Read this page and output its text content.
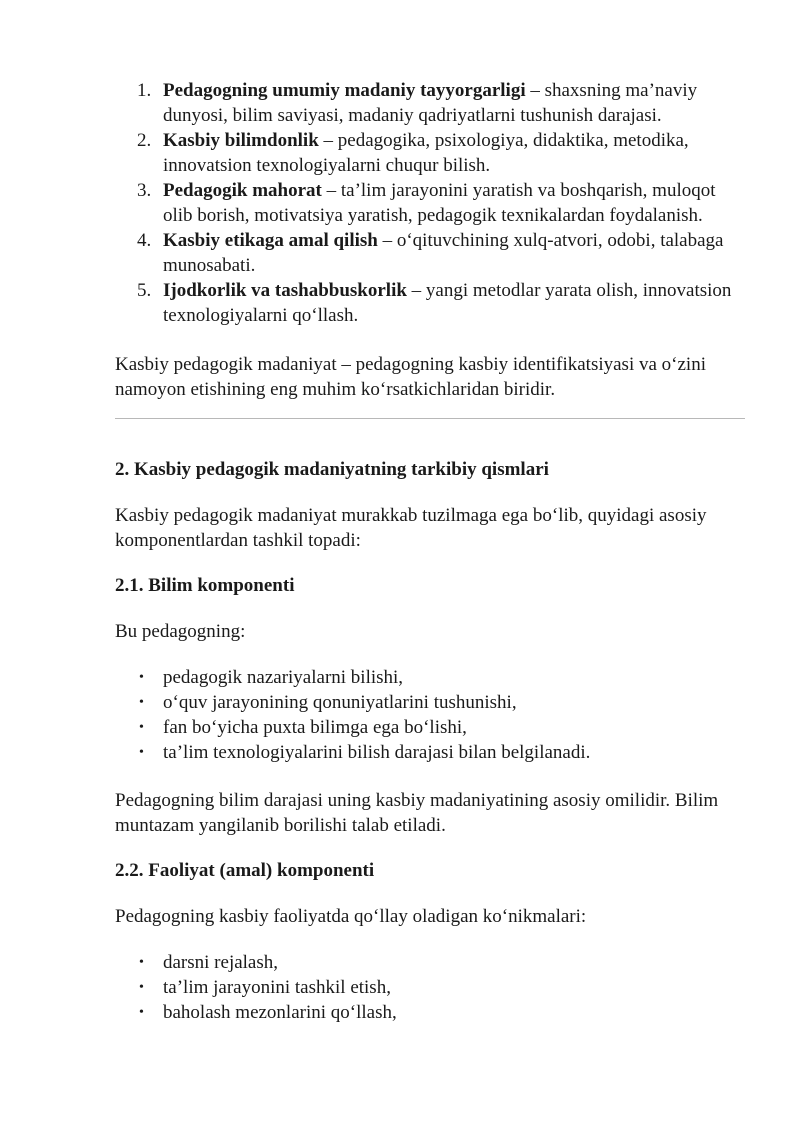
1. Pedagogning umumiy madaniy tayyorgarligi – shaxsning ma’naviy dunyosi, bilim saviyasi, madaniy qadriyatlarni tushunish darajasi.
2. Kasbiy bilimdonlik – pedagogika, psixologiya, didaktika, metodika, innovatsion texnologiyalarni chuqur bilish.
3. Pedagogik mahorat – ta’lim jarayonini yaratish va boshqarish, muloqot olib borish, motivatsiya yaratish, pedagogik texnikalardan foydalanish.
4. Kasbiy etikaga amal qilish – o‘qituvchining xulq-atvori, odobi, talabaga munosabati.
5. Ijodkorlik va tashabbuskorlik – yangi metodlar yarata olish, innovatsion texnologiyalarni qo‘llash.

Kasbiy pedagogik madaniyat – pedagogning kasbiy identifikatsiyasi va o‘zini namoyon etishining eng muhim ko‘rsatkichlaridan biridir.

2. Kasbiy pedagogik madaniyatning tarkibiy qismlari

Kasbiy pedagogik madaniyat murakkab tuzilmaga ega bo‘lib, quyidagi asosiy komponentlardan tashkil topadi:

2.1. Bilim komponenti

Bu pedagogning:

• pedagogik nazariyalarni bilishi,
• o‘quv jarayonining qonuniyatlarini tushunishi,
• fan bo‘yicha puxta bilimga ega bo‘lishi,
• ta’lim texnologiyalarini bilish darajasi bilan belgilanadi.

Pedagogning bilim darajasi uning kasbiy madaniyatining asosiy omilidir. Bilim muntazam yangilanib borilishi talab etiladi.

2.2. Faoliyat (amal) komponenti

Pedagogning kasbiy faoliyatda qo‘llay oladigan ko‘nikmalari:

• darsni rejalash,
• ta’lim jarayonini tashkil etish,
• baholash mezonlarini qo‘llash,
